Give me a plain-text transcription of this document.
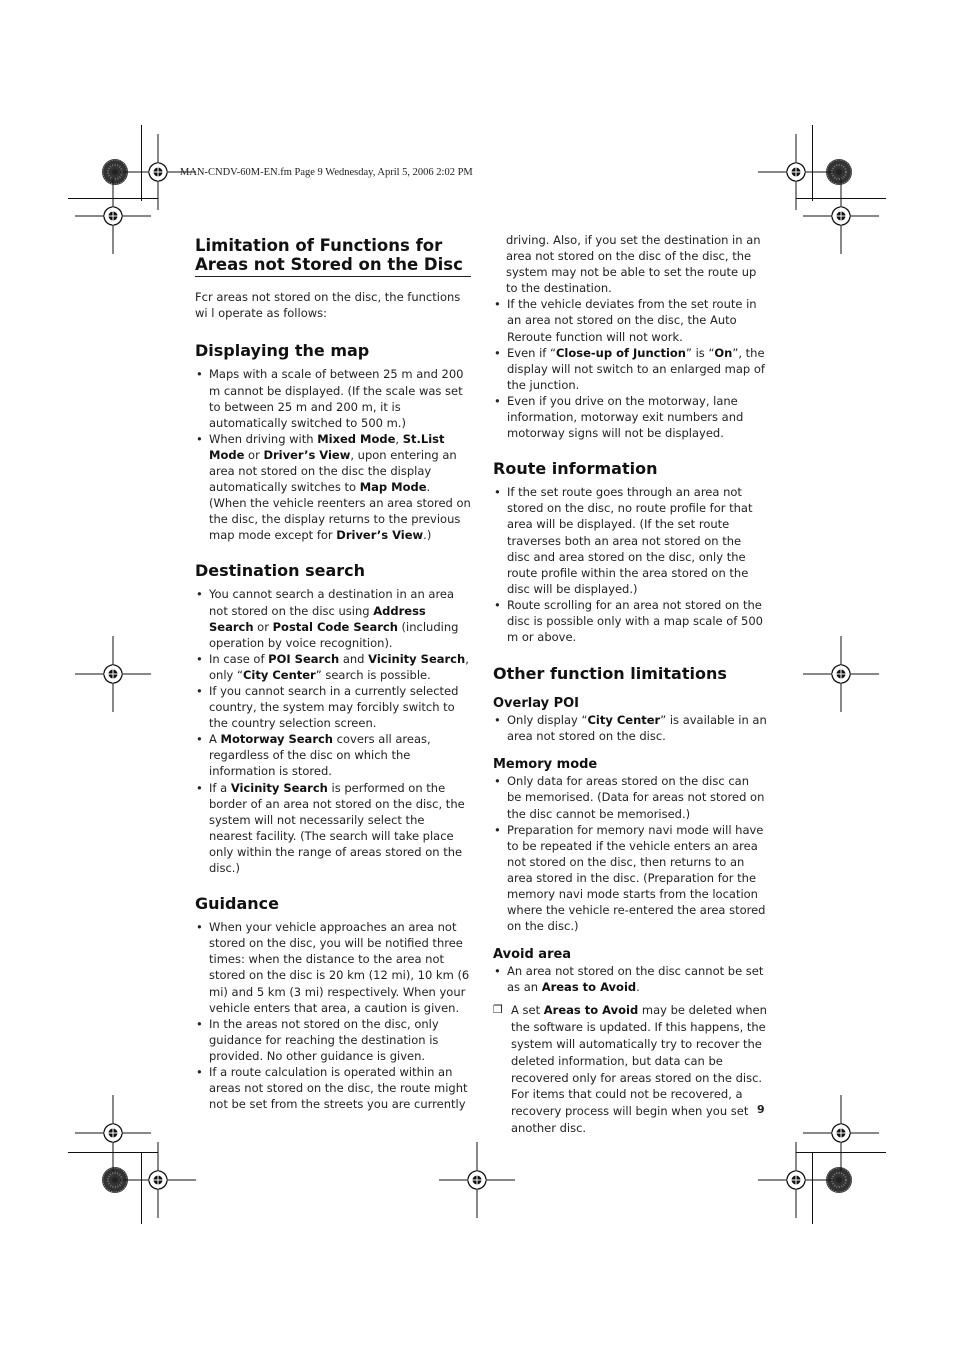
MAN-CNDV-60M-EN.fm Page 9 Wednesday, April 5, 2006 2:02 PM
Limitation of Functions for
Areas not Stored on the Disc

Fcr areas not stored on the disc, the functions
wi l operate as follows:

Displaying the map
• Maps with a scale of between 25 m and 200 m cannot be displayed. (If the scale was set to between 25 m and 200 m, it is automatically switched to 500 m.)
• When driving with Mixed Mode, St.List Mode or Driver’s View, upon entering an area not stored on the disc the display automatically switches to Map Mode. (When the vehicle reenters an area stored on the disc, the display returns to the previous map mode except for Driver’s View.)
Destination search
• You cannot search a destination in an area not stored on the disc using Address Search or Postal Code Search (including operation by voice recognition).
• In case of POI Search and Vicinity Search, only “City Center” search is possible.
• If you cannot search in a currently selected country, the system may forcibly switch to the country selection screen.
• A Motorway Search covers all areas, regardless of the disc on which the information is stored.
• If a Vicinity Search is performed on the border of an area not stored on the disc, the system will not necessarily select the nearest facility. (The search will take place only within the range of areas stored on the disc.)
Guidance
• When your vehicle approaches an area not stored on the disc, you will be notified three times: when the distance to the area not stored on the disc is 20 km (12 mi), 10 km (6 mi) and 5 km (3 mi) respectively. When your vehicle enters that area, a caution is given.
• In the areas not stored on the disc, only guidance for reaching the destination is provided. No other guidance is given.
• If a route calculation is operated within an areas not stored on the disc, the route might not be set from the streets you are currently
driving. Also, if you set the destination in an area not stored on the disc of the disc, the system may not be able to set the route up to the destination.
• If the vehicle deviates from the set route in an area not stored on the disc, the Auto Reroute function will not work.
• Even if “Close-up of Junction” is “On”, the display will not switch to an enlarged map of the junction.
• Even if you drive on the motorway, lane information, motorway exit numbers and motorway signs will not be displayed.
Route information
• If the set route goes through an area not stored on the disc, no route profile for that area will be displayed. (If the set route traverses both an area not stored on the disc and area stored on the disc, only the route profile within the area stored on the disc will be displayed.)
• Route scrolling for an area not stored on the disc is possible only with a map scale of 500 m or above.
Other function limitations
Overlay POI
• Only display “City Center” is available in an area not stored on the disc.
Memory mode
• Only data for areas stored on the disc can be memorised. (Data for areas not stored on the disc cannot be memorised.)
• Preparation for memory navi mode will have to be repeated if the vehicle enters an area not stored on the disc, then returns to an area stored in the disc. (Preparation for the memory navi mode starts from the location where the vehicle re-entered the area stored on the disc.)
Avoid area
• An area not stored on the disc cannot be set as an Areas to Avoid.
❒ A set Areas to Avoid may be deleted when the software is updated. If this happens, the system will automatically try to recover the deleted information, but data can be recovered only for areas stored on the disc. For items that could not be recovered, a recovery process will begin when you set another disc.
9
